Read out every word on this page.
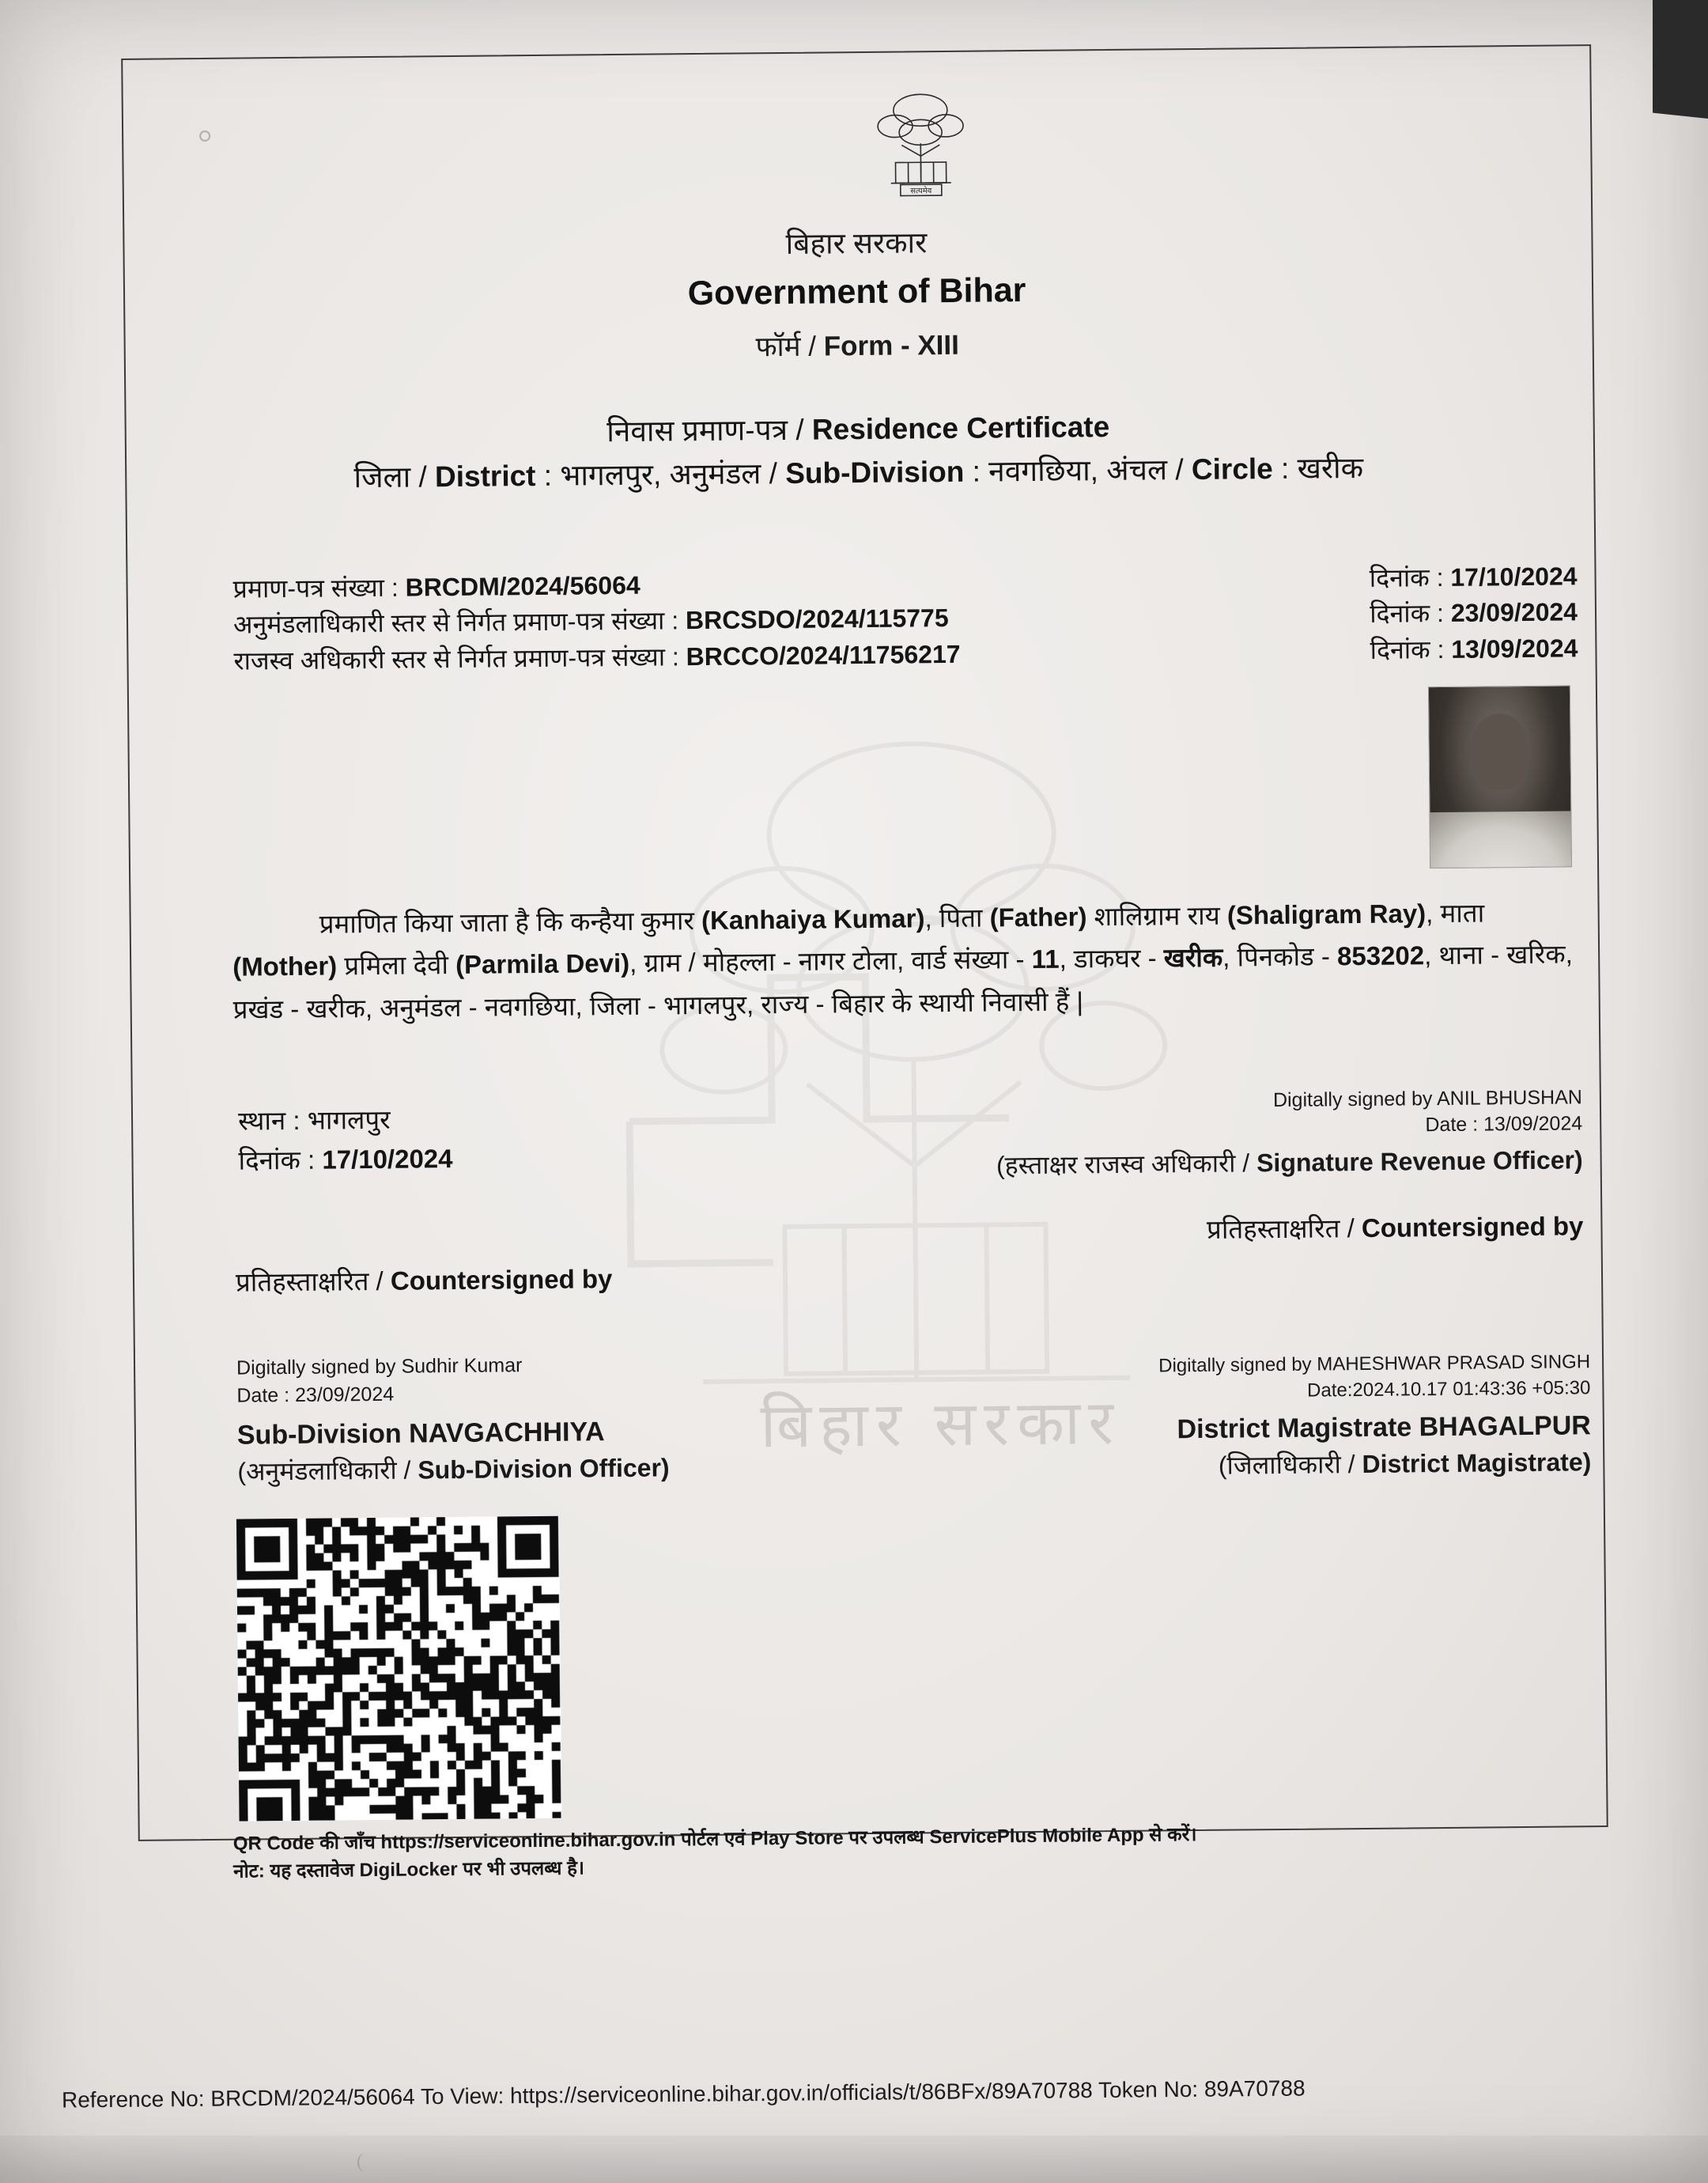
बिहार सरकार
सत्यमेव
बिहार सरकार
Government of Bihar
फॉर्म / Form - XIII
निवास प्रमाण-पत्र / Residence Certificate
जिला / District : भागलपुर, अनुमंडल / Sub-Division : नवगछिया, अंचल / Circle : खरीक
प्रमाण-पत्र संख्या : BRCDM/2024/56064
अनुमंडलाधिकारी स्तर से निर्गत प्रमाण-पत्र संख्या : BRCSDO/2024/115775
राजस्व अधिकारी स्तर से निर्गत प्रमाण-पत्र संख्या : BRCCO/2024/11756217
दिनांक : 17/10/2024
दिनांक : 23/09/2024
दिनांक : 13/09/2024
प्रमाणित किया जाता है कि कन्हैया कुमार (Kanhaiya Kumar), पिता (Father) शालिग्राम राय (Shaligram Ray), माता (Mother) प्रमिला देवी (Parmila Devi), ग्राम / मोहल्ला - नागर टोला, वार्ड संख्या - 11, डाकघर - खरीक, पिनकोड - 853202, थाना - खरिक, प्रखंड - खरीक, अनुमंडल - नवगछिया, जिला - भागलपुर, राज्य - बिहार के स्थायी निवासी हैं |
स्थान : भागलपुर
दिनांक : 17/10/2024
Digitally signed by ANIL BHUSHAN
Date : 13/09/2024
(हस्ताक्षर राजस्व अधिकारी / Signature Revenue Officer)
प्रतिहस्ताक्षरित / Countersigned by
प्रतिहस्ताक्षरित / Countersigned by
Digitally signed by Sudhir Kumar
Date : 23/09/2024
Sub-Division NAVGACHHIYA
(अनुमंडलाधिकारी / Sub-Division Officer)
Digitally signed by MAHESHWAR PRASAD SINGH
Date:2024.10.17 01:43:36 +05:30
District Magistrate BHAGALPUR
(जिलाधिकारी / District Magistrate)
QR Code की जाँच https://serviceonline.bihar.gov.in पोर्टल एवं Play Store पर उपलब्ध ServicePlus Mobile App से करें।
नोट: यह दस्तावेज DigiLocker पर भी उपलब्ध है।
Reference No: BRCDM/2024/56064 To View: https://serviceonline.bihar.gov.in/officials/t/86BFx/89A70788 Token No: 89A70788
